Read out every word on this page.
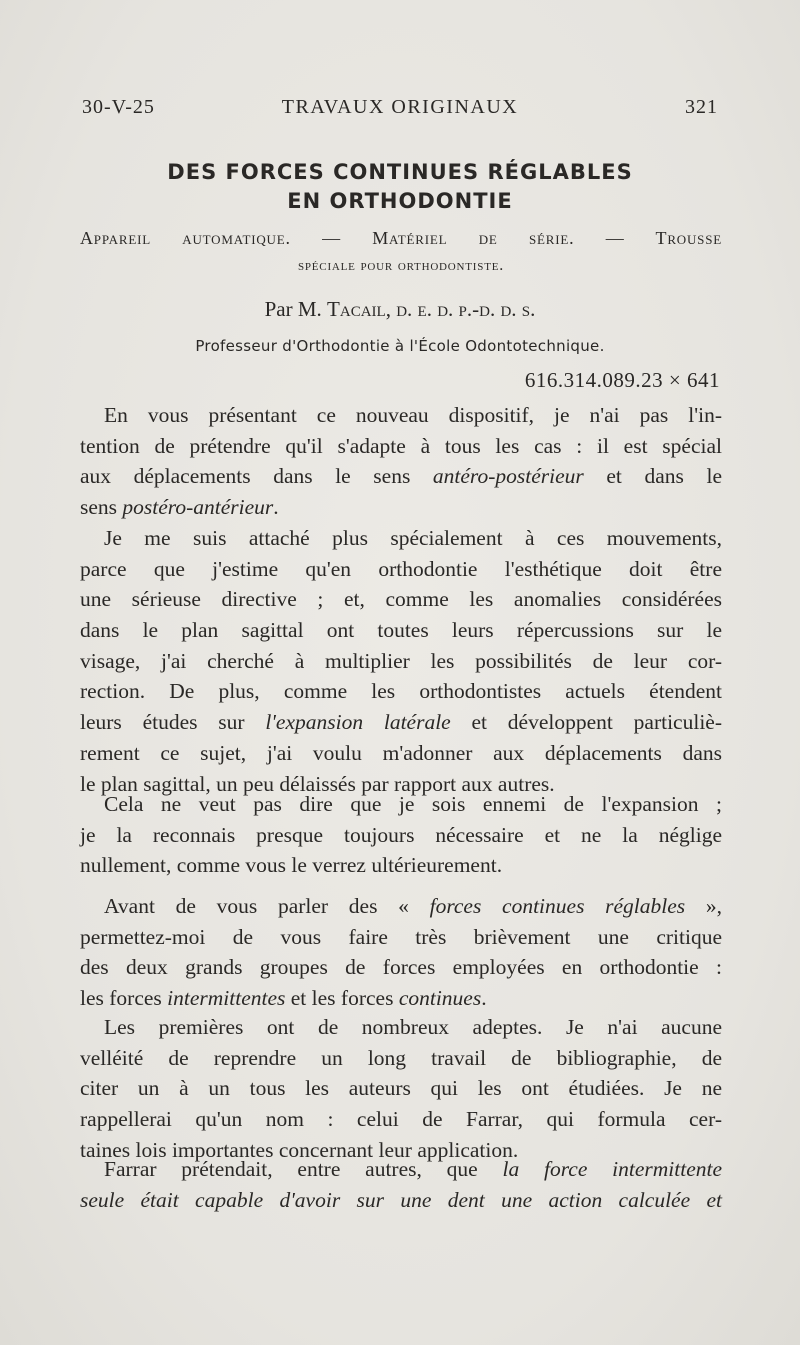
30-V-25	TRAVAUX ORIGINAUX	321
DES FORCES CONTINUES RÉGLABLES
EN ORTHODONTIE
Appareil automatique. — Matériel de série. — Trousse
spéciale pour orthodontiste.
Par M. Tacail, d. e. d. p.-d. d. s.
Professeur d'Orthodontie à l'École Odontotechnique.
616.314.089.23 × 641
En vous présentant ce nouveau dispositif, je n'ai pas l'in-
tention de prétendre qu'il s'adapte à tous les cas : il est spécial
aux déplacements dans le sens antéro-postérieur et dans le
sens postéro-antérieur.
Je me suis attaché plus spécialement à ces mouvements,
parce que j'estime qu'en orthodontie l'esthétique doit être
une sérieuse directive ; et, comme les anomalies considérées
dans le plan sagittal ont toutes leurs répercussions sur le
visage, j'ai cherché à multiplier les possibilités de leur cor-
rection. De plus, comme les orthodontistes actuels étendent
leurs études sur l'expansion latérale et développent particuliè-
rement ce sujet, j'ai voulu m'adonner aux déplacements dans
le plan sagittal, un peu délaissés par rapport aux autres.
Cela ne veut pas dire que je sois ennemi de l'expansion ;
je la reconnais presque toujours nécessaire et ne la néglige
nullement, comme vous le verrez ultérieurement.
Avant de vous parler des « forces continues réglables »,
permettez-moi de vous faire très brièvement une critique
des deux grands groupes de forces employées en orthodontie :
les forces intermittentes et les forces continues.
Les premières ont de nombreux adeptes. Je n'ai aucune
velléité de reprendre un long travail de bibliographie, de
citer un à un tous les auteurs qui les ont étudiées. Je ne
rappellerai qu'un nom : celui de Farrar, qui formula cer-
taines lois importantes concernant leur application.
Farrar prétendait, entre autres, que la force intermittente
seule était capable d'avoir sur une dent une action calculée et
